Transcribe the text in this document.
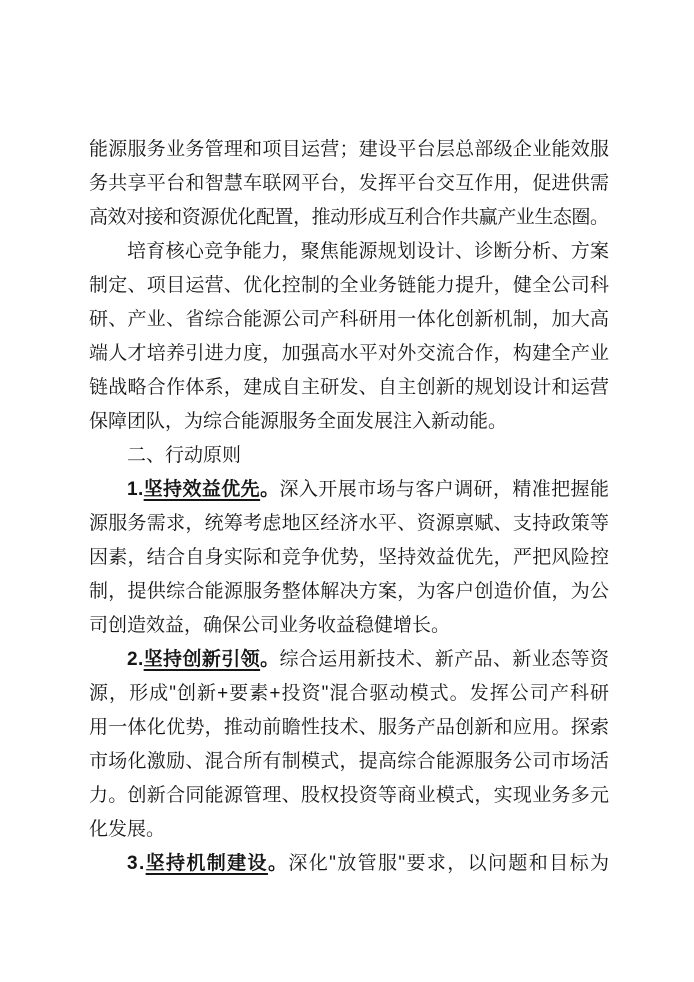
能源服务业务管理和项目运营；建设平台层总部级企业能效服
务共享平台和智慧车联网平台，发挥平台交互作用，促进供需
高效对接和资源优化配置，推动形成互利合作共赢产业生态圈。
培育核心竞争能力，聚焦能源规划设计、诊断分析、方案
制定、项目运营、优化控制的全业务链能力提升，健全公司科
研、产业、省综合能源公司产科研用一体化创新机制，加大高
端人才培养引进力度，加强高水平对外交流合作，构建全产业
链战略合作体系，建成自主研发、自主创新的规划设计和运营
保障团队，为综合能源服务全面发展注入新动能。
二、行动原则
1.坚持效益优先。深入开展市场与客户调研，精准把握能
源服务需求，统筹考虑地区经济水平、资源禀赋、支持政策等
因素，结合自身实际和竞争优势，坚持效益优先，严把风险控
制，提供综合能源服务整体解决方案，为客户创造价值，为公
司创造效益，确保公司业务收益稳健增长。
2.坚持创新引领。综合运用新技术、新产品、新业态等资
源，形成"创新+要素+投资"混合驱动模式。发挥公司产科研
用一体化优势，推动前瞻性技术、服务产品创新和应用。探索
市场化激励、混合所有制模式，提高综合能源服务公司市场活
力。创新合同能源管理、股权投资等商业模式，实现业务多元
化发展。
3.坚持机制建设。深化"放管服"要求，以问题和目标为
